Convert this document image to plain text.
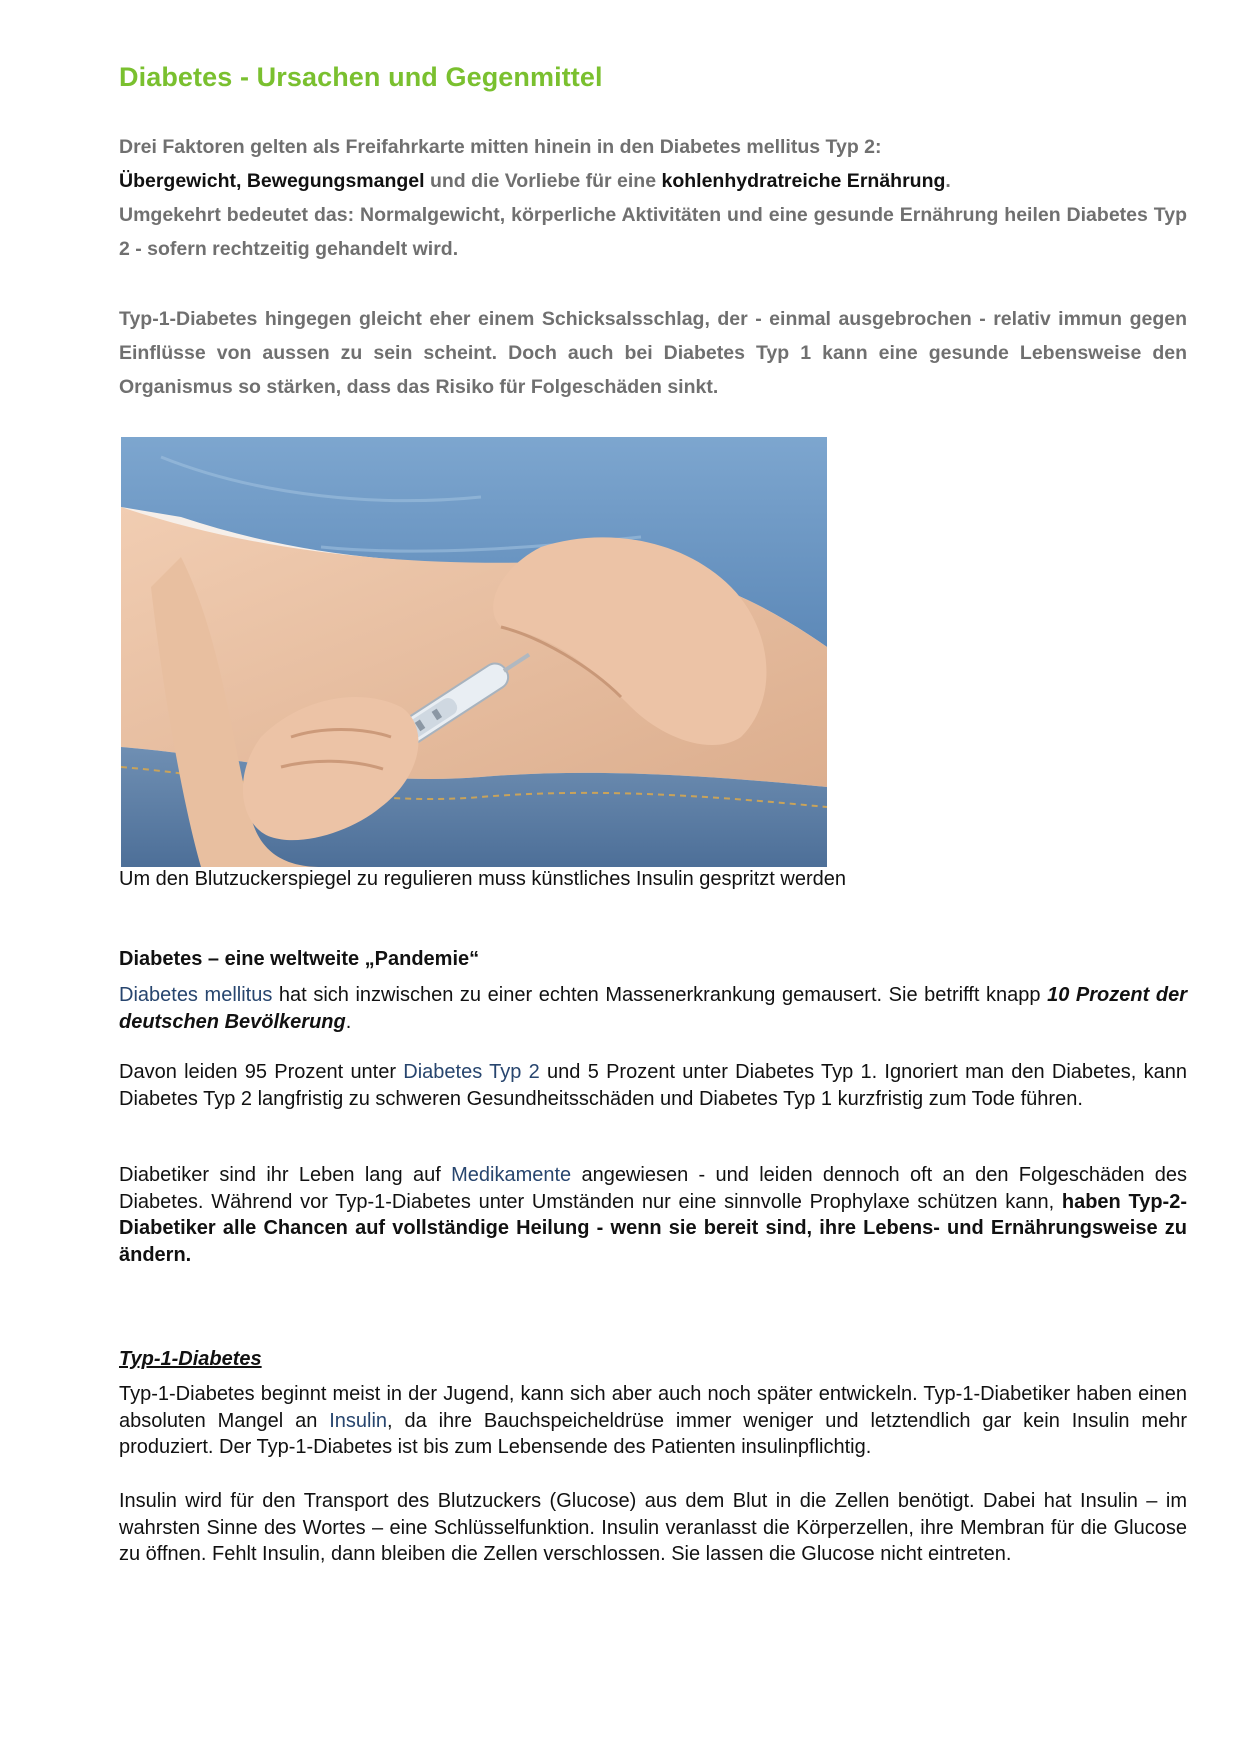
Diabetes - Ursachen und Gegenmittel

Drei Faktoren gelten als Freifahrkarte mitten hinein in den Diabetes mellitus Typ 2:
Übergewicht, Bewegungsmangel und die Vorliebe für eine kohlenhydratreiche Ernährung.
Umgekehrt bedeutet das: Normalgewicht, körperliche Aktivitäten und eine gesunde Ernährung heilen Diabetes Typ 2 - sofern rechtzeitig gehandelt wird.

Typ-1-Diabetes hingegen gleicht eher einem Schicksalsschlag, der - einmal ausgebrochen - relativ immun gegen Einflüsse von aussen zu sein scheint. Doch auch bei Diabetes Typ 1 kann eine gesunde Lebensweise den Organismus so stärken, dass das Risiko für Folgeschäden sinkt.

Um den Blutzuckerspiegel zu regulieren muss künstliches Insulin gespritzt werden

Diabetes – eine weltweite „Pandemie“

Diabetes mellitus hat sich inzwischen zu einer echten Massenerkrankung gemausert. Sie betrifft knapp 10 Prozent der deutschen Bevölkerung.

Davon leiden 95 Prozent unter Diabetes Typ 2 und 5 Prozent unter Diabetes Typ 1. Ignoriert man den Diabetes, kann Diabetes Typ 2 langfristig zu schweren Gesundheitsschäden und Diabetes Typ 1 kurzfristig zum Tode führen.

Diabetiker sind ihr Leben lang auf Medikamente angewiesen - und leiden dennoch oft an den Folgeschäden des Diabetes. Während vor Typ-1-Diabetes unter Umständen nur eine sinnvolle Prophylaxe schützen kann, haben Typ-2-Diabetiker alle Chancen auf vollständige Heilung - wenn sie bereit sind, ihre Lebens- und Ernährungsweise zu ändern.

Typ-1-Diabetes

Typ-1-Diabetes beginnt meist in der Jugend, kann sich aber auch noch später entwickeln. Typ-1-Diabetiker haben einen absoluten Mangel an Insulin, da ihre Bauchspeicheldrüse immer weniger und letztendlich gar kein Insulin mehr produziert. Der Typ-1-Diabetes ist bis zum Lebensende des Patienten insulinpflichtig.

Insulin wird für den Transport des Blutzuckers (Glucose) aus dem Blut in die Zellen benötigt. Dabei hat Insulin – im wahrsten Sinne des Wortes – eine Schlüsselfunktion. Insulin veranlasst die Körperzellen, ihre Membran für die Glucose zu öffnen. Fehlt Insulin, dann bleiben die Zellen verschlossen. Sie lassen die Glucose nicht eintreten.
